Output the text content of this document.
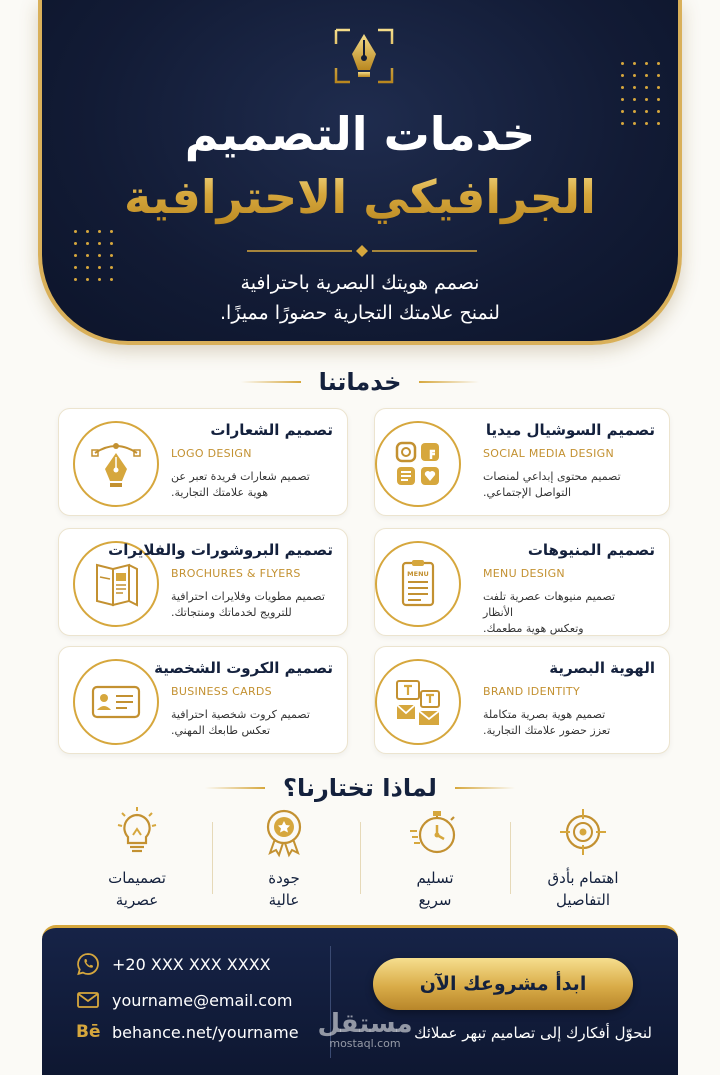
خدمات التصميم
الجرافيكي الاحترافية
نصمم هويتك البصرية باحترافية
لنمنح علامتك التجارية حضورًا مميزًا.
خدماتنا
تصميم الشعارات
LOGO DESIGN
تصميم شعارات فريدة تعبر عن
هوية علامتك التجارية.
تصميم السوشيال ميديا
SOCIAL MEDIA DESIGN
تصميم محتوى إبداعي لمنصات
التواصل الإجتماعي.
تصميم البروشورات والفلايرات
BROCHURES & FLYERS
تصميم مطويات وفلايرات احترافية
للترويج لخدماتك ومنتجاتك.
MENU
تصميم المنيوهات
MENU DESIGN
تصميم منيوهات عصرية تلفت الأنظار
وتعكس هوية مطعمك.
تصميم الكروت الشخصية
BUSINESS CARDS
تصميم كروت شخصية احترافية
تعكس طابعك المهني.
الهوية البصرية
BRAND IDENTITY
تصميم هوية بصرية متكاملة
تعزز حضور علامتك التجارية.
لماذا تختارنا؟
تصميمات
عصرية
جودة
عالية
تسليم
سريع
اهتمام بأدق
التفاصيل
+20 XXX XXX XXXX
yourname@email.com
Bē behance.net/yourname
ابدأ مشروعك الآن
لنحوّل أفكارك إلى تصاميم تبهر عملائك
مستقل
mostaql.com
